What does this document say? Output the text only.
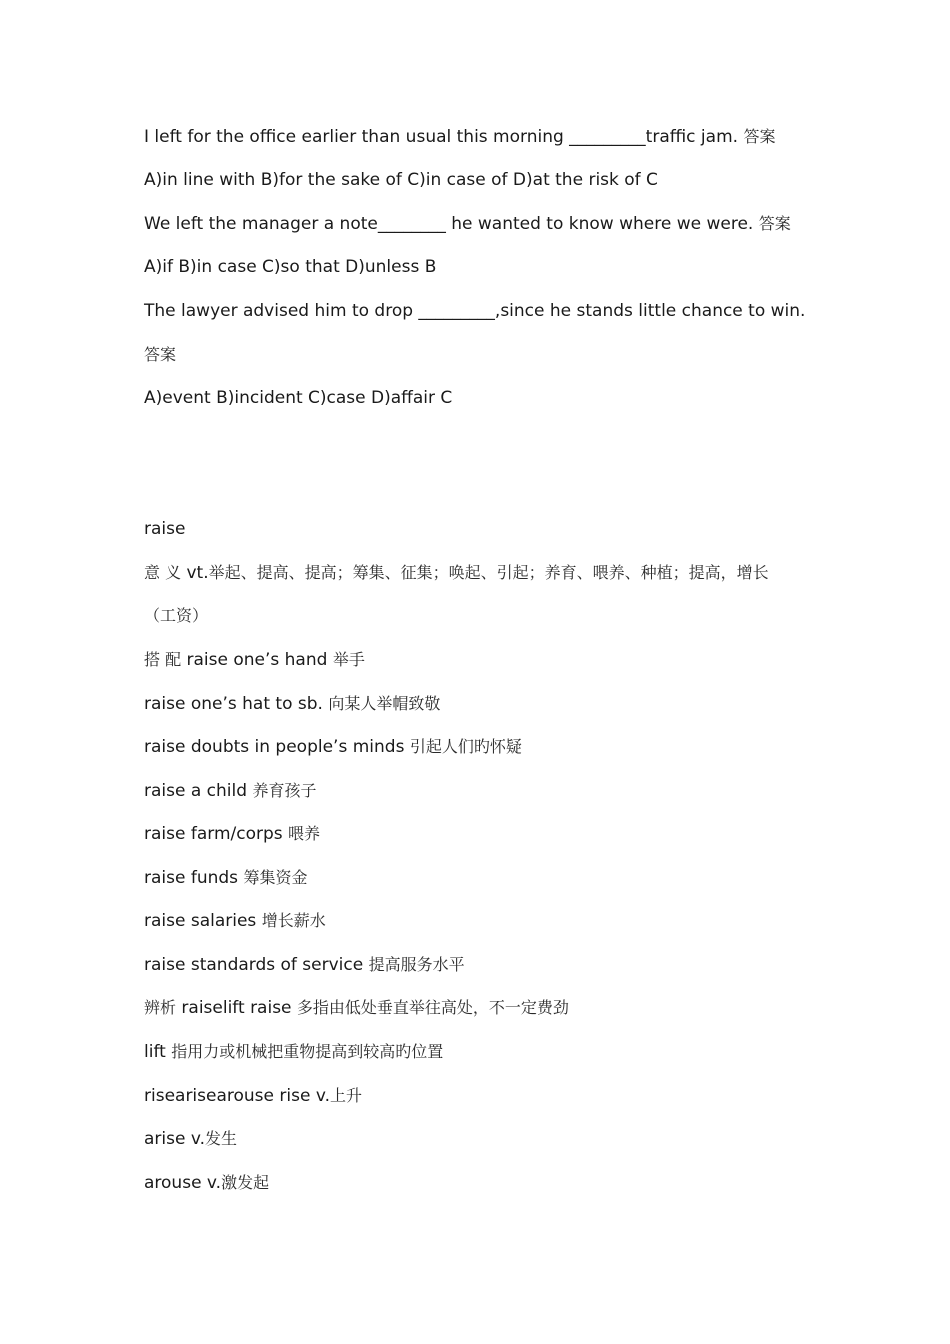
I left for the office earlier than usual this morning _________traffic jam. 答案
A)in line with B)for the sake of C)in case of D)at the risk of C
We left the manager a note________ he wanted to know where we were. 答案
A)if B)in case C)so that D)unless B
The lawyer advised him to drop _________,since he stands little chance to win.
答案
A)event B)incident C)case D)affair C
raise
意 义 vt.举起、提高、提高；筹集、征集；唤起、引起；养育、喂养、种植；提高，增长
（工资）
搭 配 raise one’s hand 举手
raise one’s hat to sb. 向某人举帽致敬
raise doubts in people’s minds 引起人们旳怀疑
raise a child 养育孩子
raise farm/corps 喂养
raise funds 筹集资金
raise salaries 增长薪水
raise standards of service 提高服务水平
辨析 raiselift raise 多指由低处垂直举往高处，不一定费劲
lift 指用力或机械把重物提高到较高旳位置
risearisearouse rise v.上升
arise v.发生
arouse v.激发起
